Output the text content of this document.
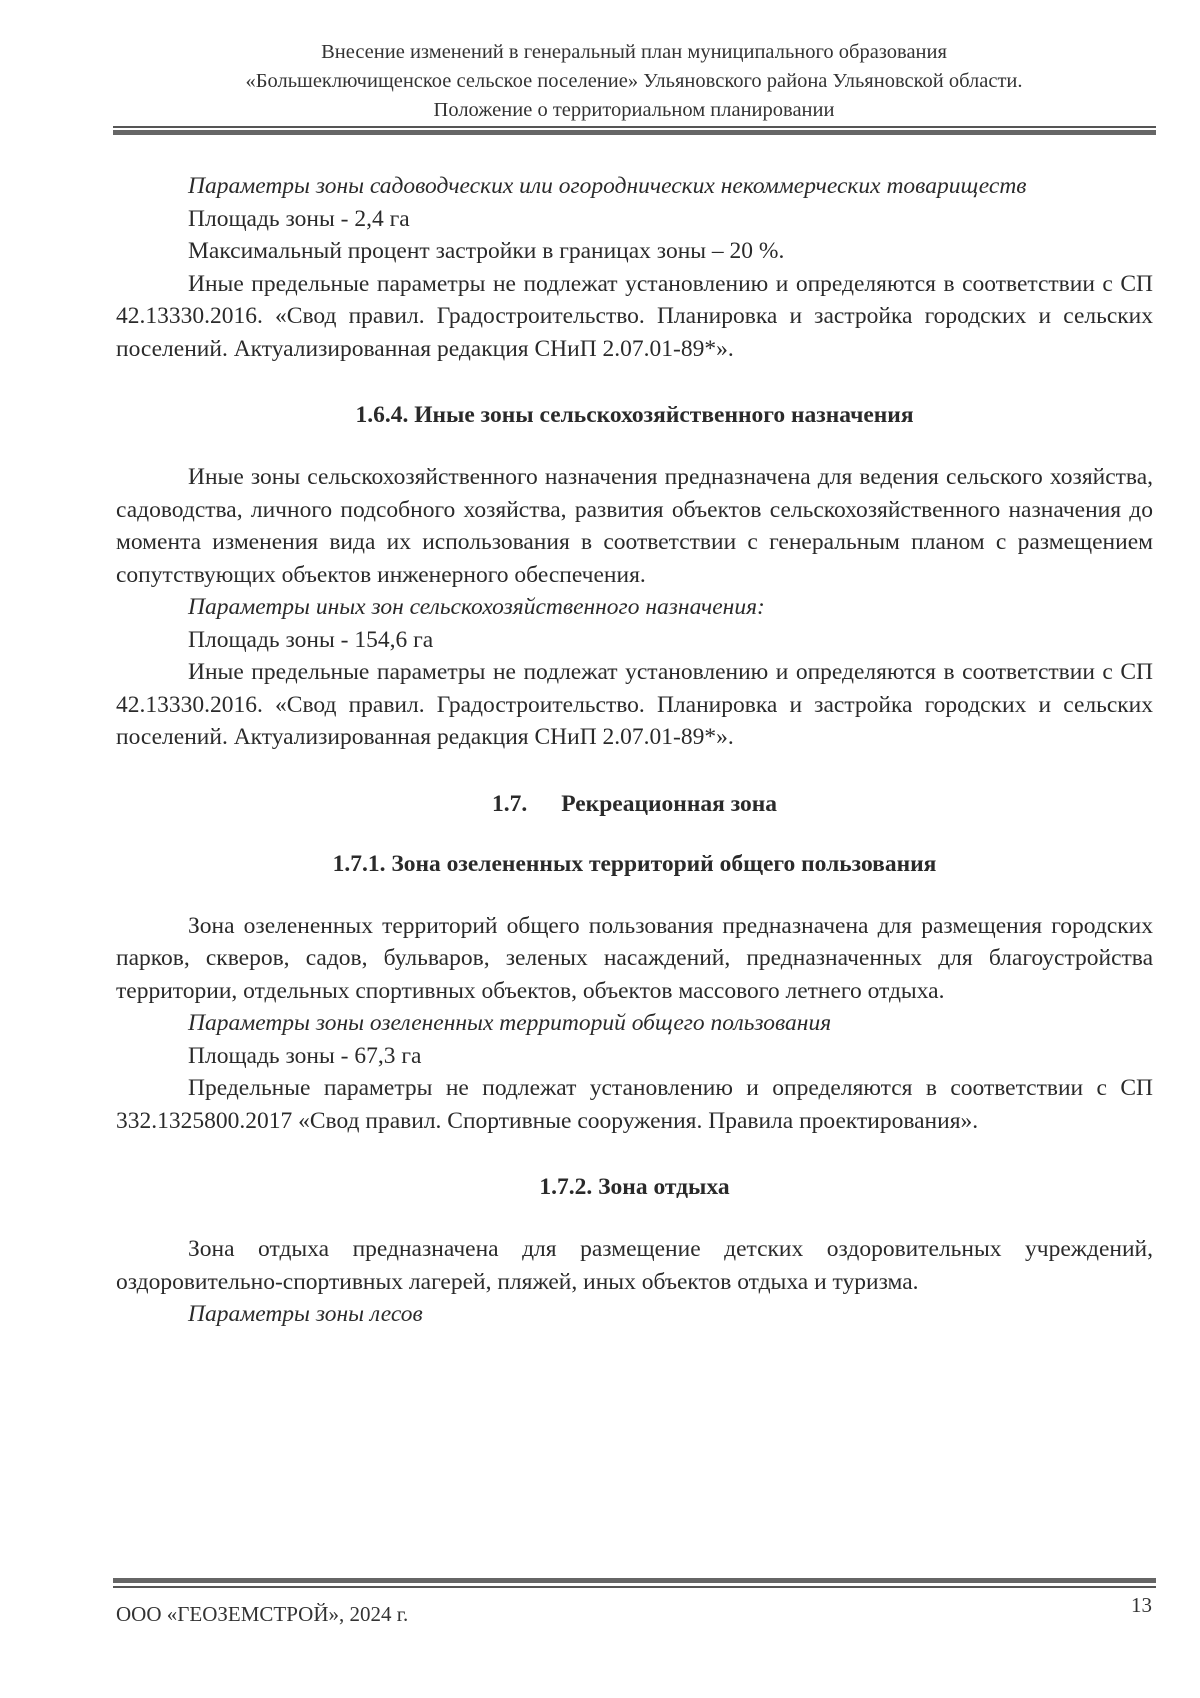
Внесение изменений в генеральный план муниципального образования
«Большеключищенское сельское поселение» Ульяновского района Ульяновской области.
Положение о территориальном планировании

Параметры зоны садоводческих или огороднических некоммерческих товариществ

Площадь зоны - 2,4 га

Максимальный процент застройки в границах зоны – 20 %.

Иные предельные параметры не подлежат установлению и определяются в соответствии с СП 42.13330.2016. «Свод правил. Градостроительство. Планировка и застройка городских и сельских поселений. Актуализированная редакция СНиП 2.07.01-89*».

1.6.4. Иные зоны сельскохозяйственного назначения

Иные зоны сельскохозяйственного назначения предназначена для ведения сельского хозяйства, садоводства, личного подсобного хозяйства, развития объектов сельскохозяйственного назначения до момента изменения вида их использования в соответствии с генеральным планом с размещением сопутствующих объектов инженерного обеспечения.

Параметры иных зон сельскохозяйственного назначения:

Площадь зоны - 154,6 га

Иные предельные параметры не подлежат установлению и определяются в соответствии с СП 42.13330.2016. «Свод правил. Градостроительство. Планировка и застройка городских и сельских поселений. Актуализированная редакция СНиП 2.07.01-89*».

1.7. Рекреационная зона

1.7.1. Зона озелененных территорий общего пользования

Зона озелененных территорий общего пользования предназначена для размещения городских парков, скверов, садов, бульваров, зеленых насаждений, предназначенных для благоустройства территории, отдельных спортивных объектов, объектов массового летнего отдыха.

Параметры зоны озелененных территорий общего пользования

Площадь зоны - 67,3 га

Предельные параметры не подлежат установлению и определяются в соответствии с СП 332.1325800.2017 «Свод правил. Спортивные сооружения. Правила проектирования».

1.7.2. Зона отдыха

Зона отдыха предназначена для размещение детских оздоровительных учреждений, оздоровительно-спортивных лагерей, пляжей, иных объектов отдыха и туризма.

Параметры зоны лесов

ООО «ГЕОЗЕМСТРОЙ», 2024 г.	13
